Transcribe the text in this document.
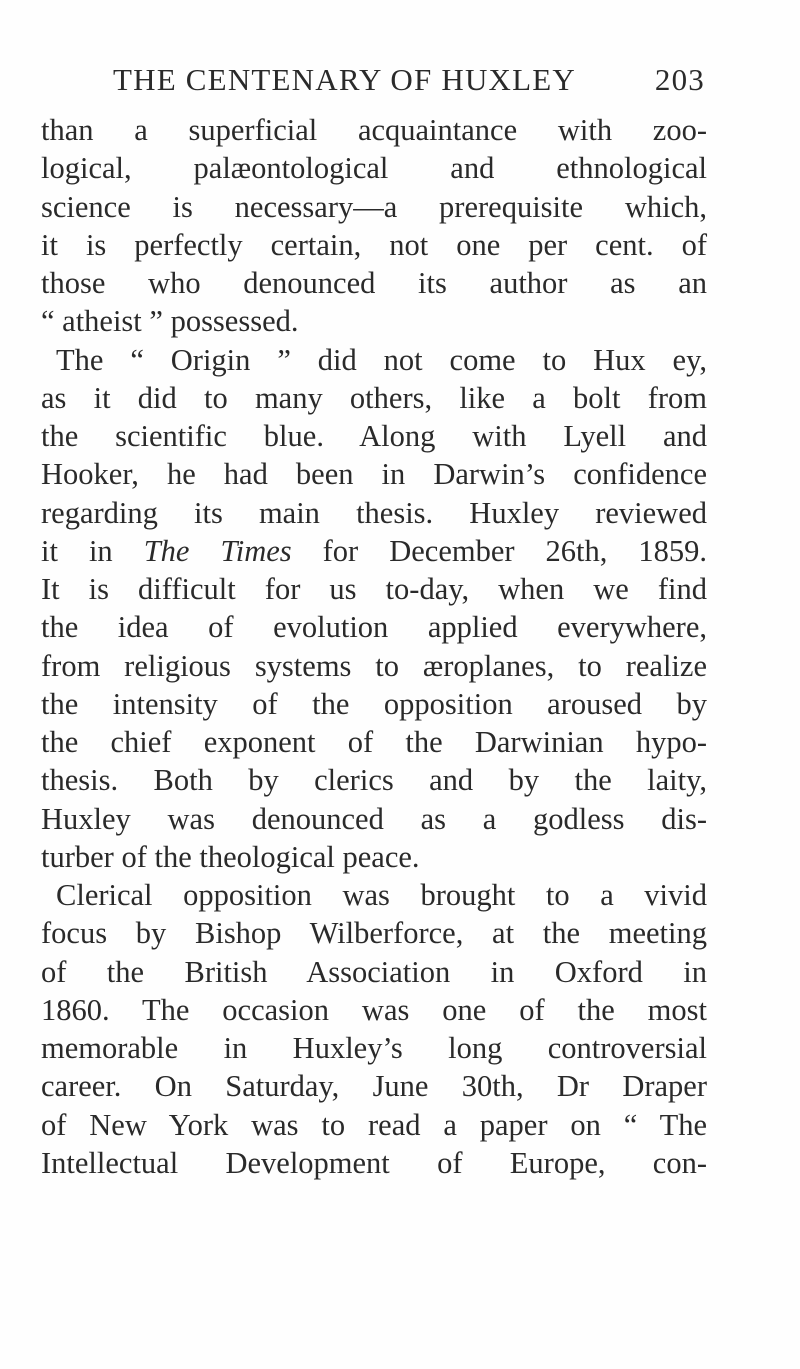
THE CENTENARY OF HUXLEY	203
than a superficial acquaintance with zoo-
logical, palæontological and ethnological
science is necessary—a prerequisite which,
it is perfectly certain, not one per cent. of
those who denounced its author as an
“ atheist ” possessed.
The “ Origin ” did not come to Hux ey,
as it did to many others, like a bolt from
the scientific blue. Along with Lyell and
Hooker, he had been in Darwin’s confidence
regarding its main thesis. Huxley reviewed
it in The Times for December 26th, 1859.
It is difficult for us to-day, when we find
the idea of evolution applied everywhere,
from religious systems to æroplanes, to realize
the intensity of the opposition aroused by
the chief exponent of the Darwinian hypo-
thesis. Both by clerics and by the laity,
Huxley was denounced as a godless dis-
turber of the theological peace.
Clerical opposition was brought to a vivid
focus by Bishop Wilberforce, at the meeting
of the British Association in Oxford in
1860. The occasion was one of the most
memorable in Huxley’s long controversial
career. On Saturday, June 30th, Dr Draper
of New York was to read a paper on “ The
Intellectual Development of Europe, con-
